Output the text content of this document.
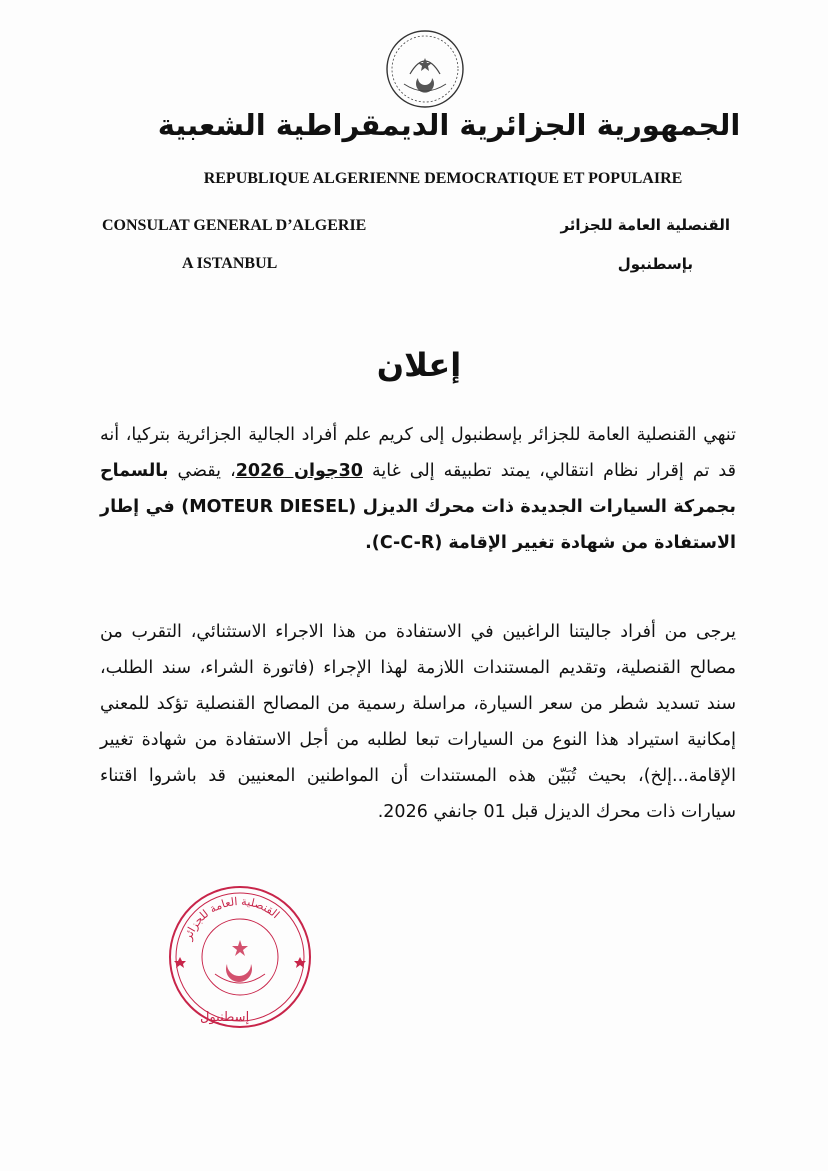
الجمهورية الجزائرية الديمقراطية الشعبية
REPUBLIQUE ALGERIENNE DEMOCRATIQUE ET POPULAIRE
CONSULAT GENERAL D’ALGERIE
A ISTANBUL
القنصلية العامة للجزائر
بإسطنبول
إعلان
تنهي القنصلية العامة للجزائر بإسطنبول إلى كريم علم أفراد الجالية الجزائرية بتركيا، أنه قد تم إقرار نظام انتقالي، يمتد تطبيقه إلى غاية 30جوان 2026، يقضي بالسماح بجمركة السيارات الجديدة ذات محرك الديزل (MOTEUR DIESEL) في إطار الاستفادة من شهادة تغيير الإقامة (C-C-R).
يرجى من أفراد جاليتنا الراغبين في الاستفادة من هذا الاجراء الاستثنائي، التقرب من مصالح القنصلية، وتقديم المستندات اللازمة لهذا الإجراء (فاتورة الشراء، سند الطلب، سند تسديد شطر من سعر السيارة، مراسلة رسمية من المصالح القنصلية تؤكد للمعني إمكانية استيراد هذا النوع من السيارات تبعا لطلبه من أجل الاستفادة من شهادة تغيير الإقامة...إلخ)، بحيث تُبَيّن هذه المستندات أن المواطنين المعنيين قد باشروا اقتناء سيارات ذات محرك الديزل قبل 01 جانفي 2026.
القنصلية العامة للجزائر
إسطنبول
